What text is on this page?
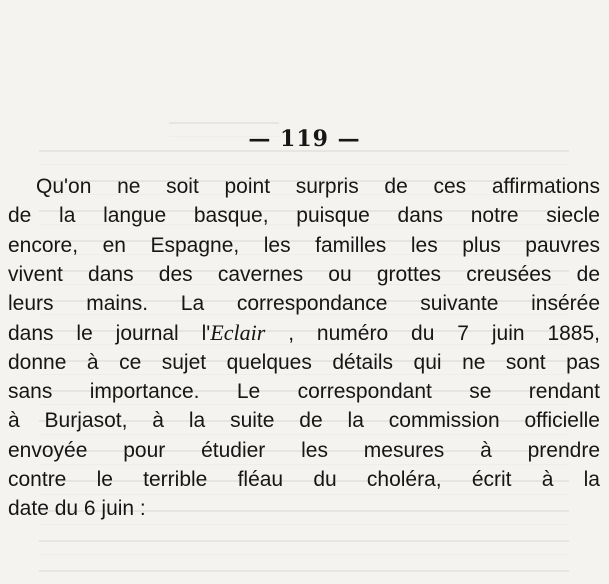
— 119 —
Qu'on ne soit point surpris de ces affirmations
de la langue basque, puisque dans notre siecle
encore, en Espagne, les familles les plus pauvres
vivent dans des cavernes ou grottes creusées de
leurs mains. La correspondance suivante insérée
dans le journal l'Eclair , numéro du 7 juin 1885,
donne à ce sujet quelques détails qui ne sont pas
sans importance. Le correspondant se rendant
à Burjasot, à la suite de la commission officielle
envoyée pour étudier les mesures à prendre
contre le terrible fléau du choléra, écrit à la
date du 6 juin :
